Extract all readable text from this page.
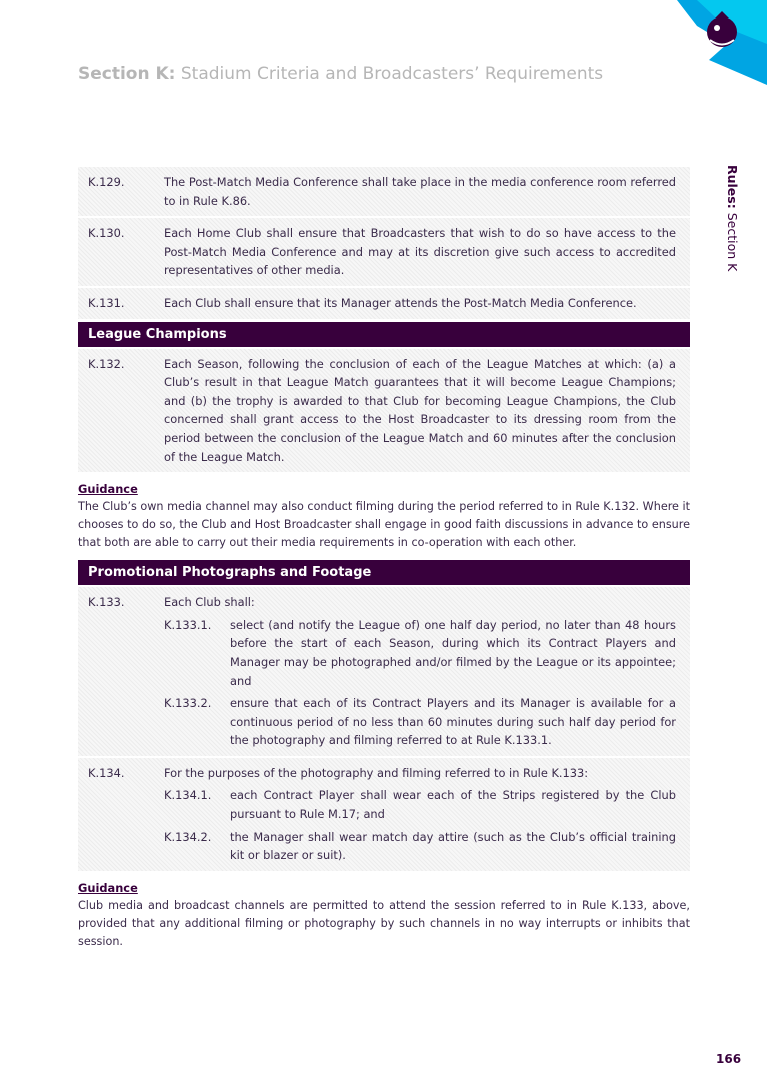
Section K: Stadium Criteria and Broadcasters’ Requirements
Rules: Section K
K.129.	The Post-Match Media Conference shall take place in the media conference room referred to in Rule K.86.
K.130.	Each Home Club shall ensure that Broadcasters that wish to do so have access to the Post-Match Media Conference and may at its discretion give such access to accredited representatives of other media.
K.131.	Each Club shall ensure that its Manager attends the Post-Match Media Conference.
League Champions
K.132.	Each Season, following the conclusion of each of the League Matches at which: (a) a Club’s result in that League Match guarantees that it will become League Champions; and (b) the trophy is awarded to that Club for becoming League Champions, the Club concerned shall grant access to the Host Broadcaster to its dressing room from the period between the conclusion of the League Match and 60 minutes after the conclusion of the League Match.
Guidance
The Club’s own media channel may also conduct filming during the period referred to in Rule K.132. Where it chooses to do so, the Club and Host Broadcaster shall engage in good faith discussions in advance to ensure that both are able to carry out their media requirements in co-operation with each other.
Promotional Photographs and Footage
K.133.	Each Club shall:
K.133.1.	select (and notify the League of) one half day period, no later than 48 hours before the start of each Season, during which its Contract Players and Manager may be photographed and/or filmed by the League or its appointee; and
K.133.2.	ensure that each of its Contract Players and its Manager is available for a continuous period of no less than 60 minutes during such half day period for the photography and filming referred to at Rule K.133.1.
K.134.	For the purposes of the photography and filming referred to in Rule K.133:
K.134.1.	each Contract Player shall wear each of the Strips registered by the Club pursuant to Rule M.17; and
K.134.2.	the Manager shall wear match day attire (such as the Club’s official training kit or blazer or suit).
Guidance
Club media and broadcast channels are permitted to attend the session referred to in Rule K.133, above, provided that any additional filming or photography by such channels in no way interrupts or inhibits that session.
166
